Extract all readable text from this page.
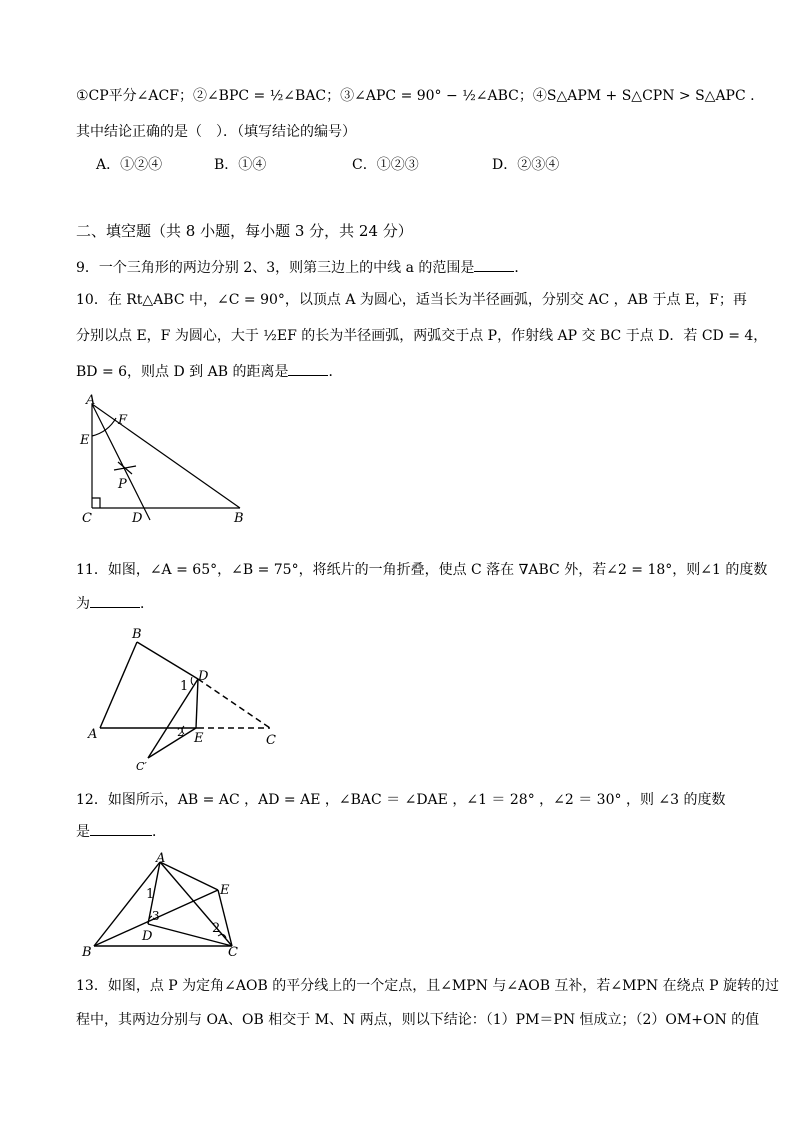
①CP平分∠ACF；②∠BPC = ½∠BAC；③∠APC = 90° − ½∠ABC；④S△APM + S△CPN > S△APC .
其中结论正确的是（　）．（填写结论的编号）
A．①②④	B．①④	C．①②③	D．②③④
二、填空题（共 8 小题，每小题 3 分，共 24 分）
9．一个三角形的两边分别 2、3，则第三边上的中线 a 的范围是	．
10．在 Rt△ABC 中，∠C = 90°，以顶点 A 为圆心，适当长为半径画弧，分别交 AC ，AB 于点 E，F；再
分别以点 E，F 为圆心，大于 ½EF 的长为半径画弧，两弧交于点 P，作射线 AP 交 BC 于点 D．若 CD = 4，
BD = 6，则点 D 到 AB 的距离是	．
A
F
E
P
C	D	B
11．如图，∠A = 65°，∠B = 75°，将纸片的一角折叠，使点 C 落在 ∇ABC 外，若∠2 = 18°，则∠1 的度数
为	．
B
D
1
A	2 E	C
C′
12．如图所示，AB = AC ，AD = AE ，∠BAC ＝ ∠DAE ，∠1 ＝ 28° ，∠2 ＝ 30° ，则 ∠3 的度数
是	．
A
E
1
3
D
2
B	C
13．如图，点 P 为定角∠AOB 的平分线上的一个定点，且∠MPN 与∠AOB 互补，若∠MPN 在绕点 P 旋转的过
程中，其两边分别与 OA、OB 相交于 M、N 两点，则以下结论：（1）PM＝PN 恒成立；（2）OM+ON 的值
